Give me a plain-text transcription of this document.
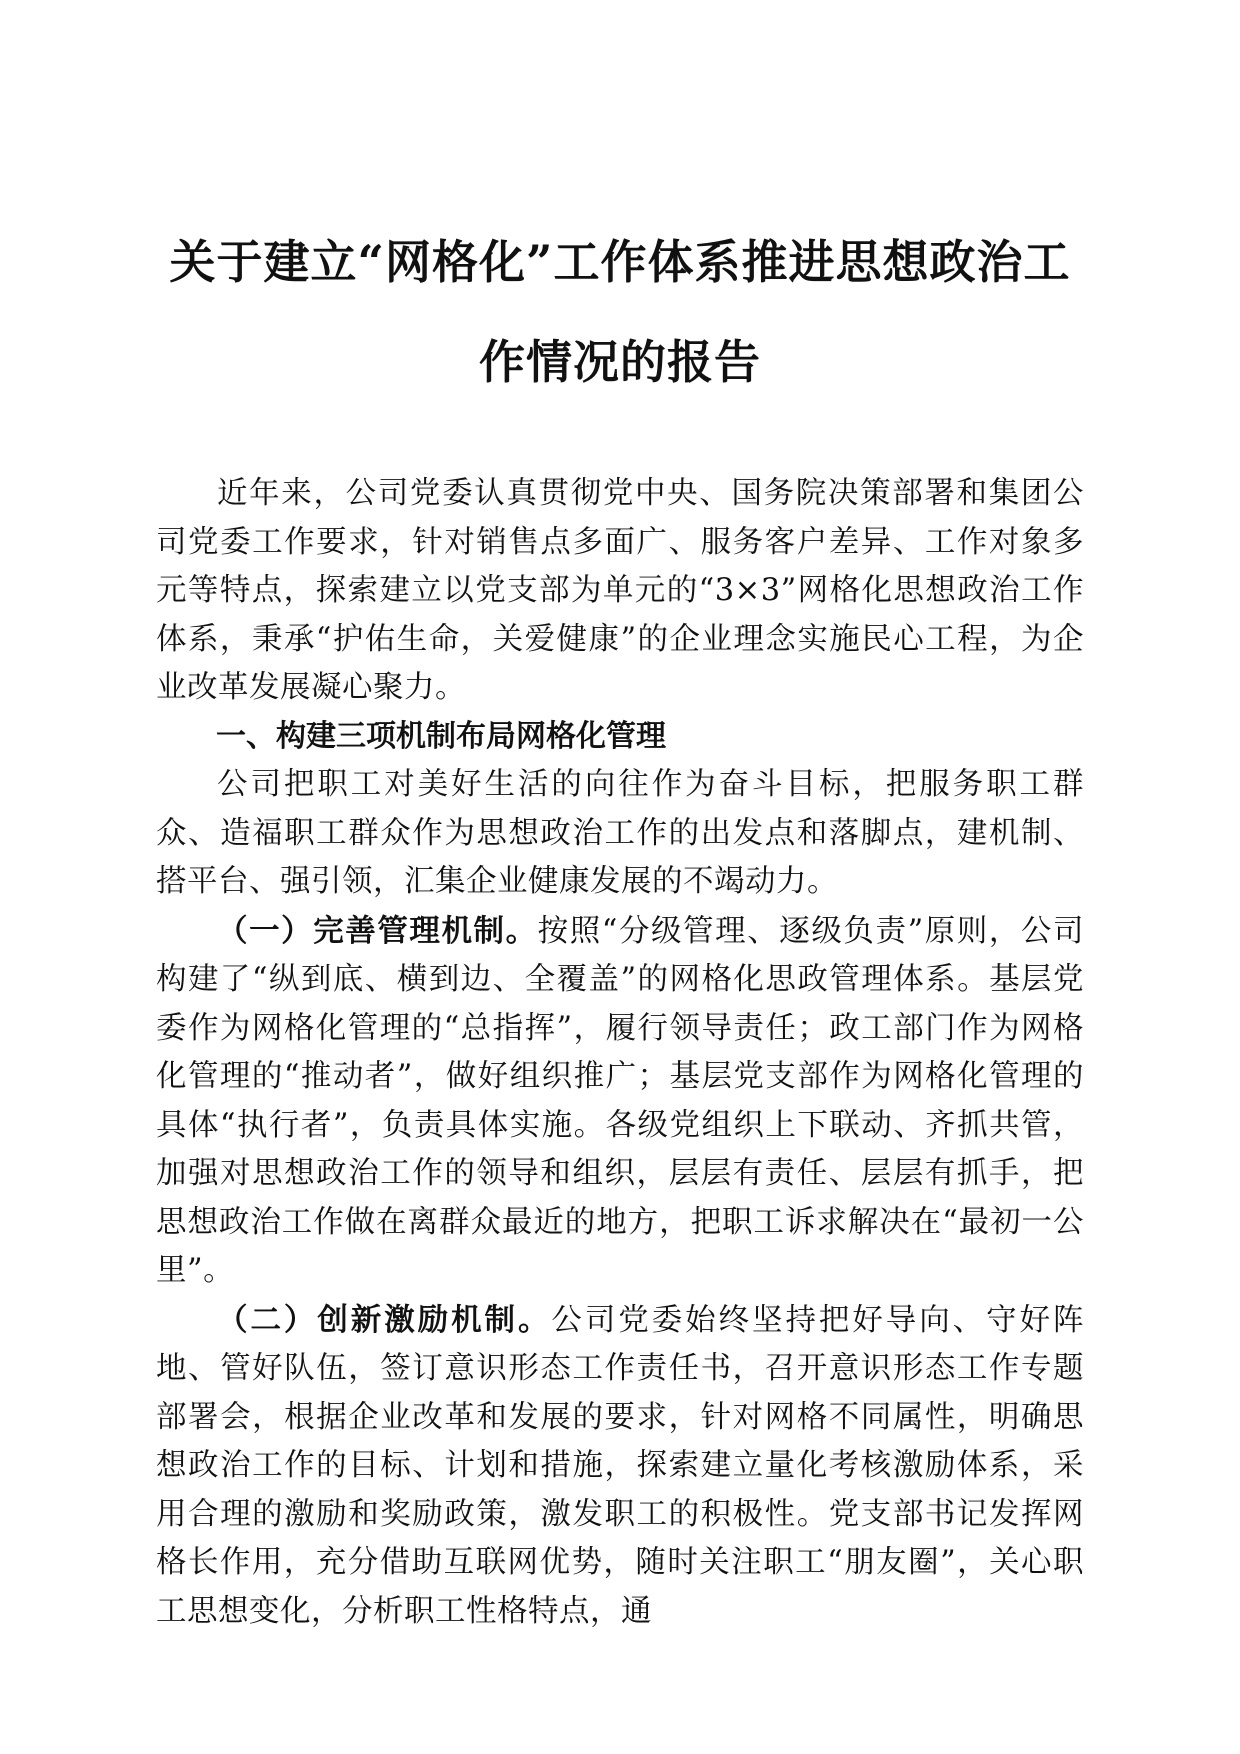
关于建立“网格化”工作体系推进思想政治工
作情况的报告

近年来，公司党委认真贯彻党中央、国务院决策部署和集团公司党委工作要求，针对销售点多面广、服务客户差异、工作对象多元等特点，探索建立以党支部为单元的“3×3”网格化思想政治工作体系，秉承“护佑生命，关爱健康”的企业理念实施民心工程，为企业改革发展凝心聚力。

一、构建三项机制布局网格化管理

公司把职工对美好生活的向往作为奋斗目标，把服务职工群众、造福职工群众作为思想政治工作的出发点和落脚点，建机制、搭平台、强引领，汇集企业健康发展的不竭动力。

（一）完善管理机制。按照“分级管理、逐级负责”原则，公司构建了“纵到底、横到边、全覆盖”的网格化思政管理体系。基层党委作为网格化管理的“总指挥”，履行领导责任；政工部门作为网格化管理的“推动者”，做好组织推广；基层党支部作为网格化管理的具体“执行者”，负责具体实施。各级党组织上下联动、齐抓共管，加强对思想政治工作的领导和组织，层层有责任、层层有抓手，把思想政治工作做在离群众最近的地方，把职工诉求解决在“最初一公里”。

（二）创新激励机制。公司党委始终坚持把好导向、守好阵地、管好队伍，签订意识形态工作责任书，召开意识形态工作专题部署会，根据企业改革和发展的要求，针对网格不同属性，明确思想政治工作的目标、计划和措施，探索建立量化考核激励体系，采用合理的激励和奖励政策，激发职工的积极性。党支部书记发挥网格长作用，充分借助互联网优势，随时关注职工“朋友圈”，关心职工思想变化，分析职工性格特点，通
